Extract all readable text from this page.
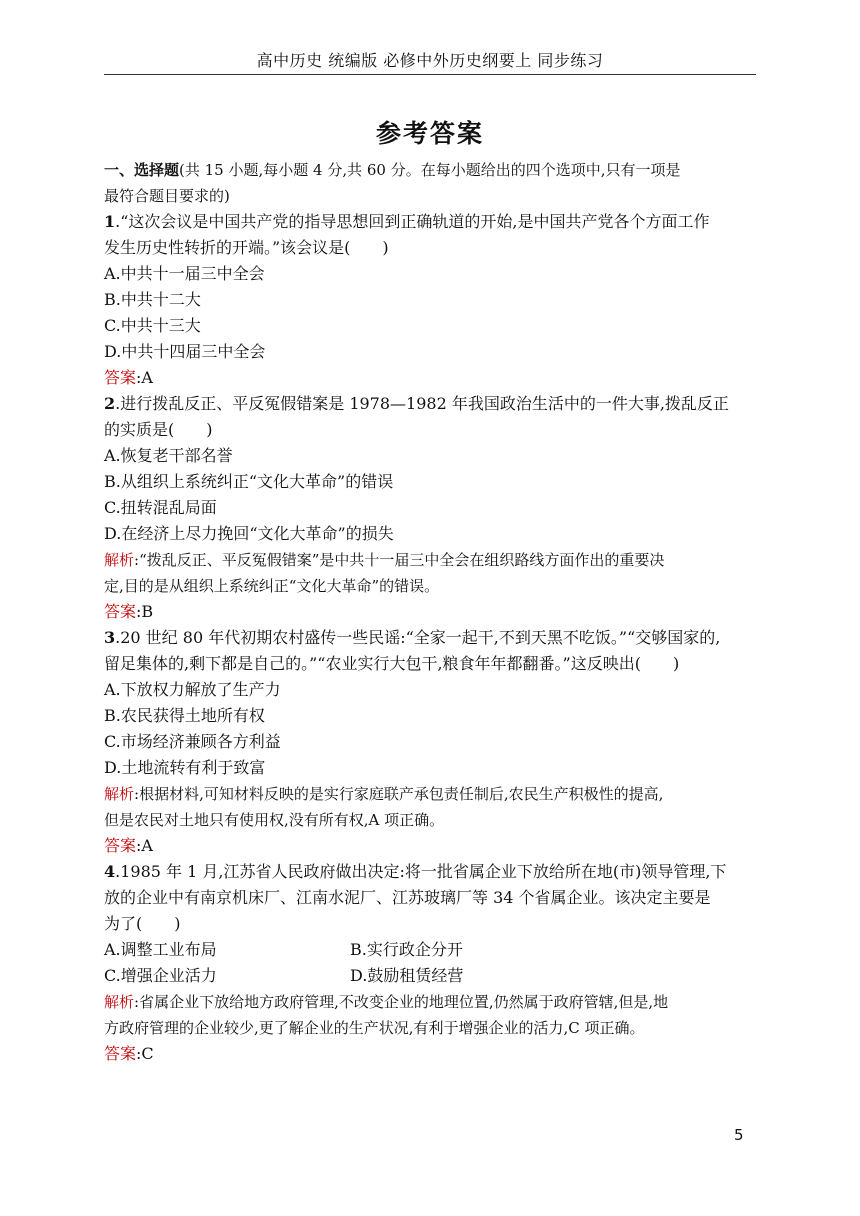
高中历史 统编版 必修中外历史纲要上 同步练习
参考答案
一、选择题(共 15 小题,每小题 4 分,共 60 分。在每小题给出的四个选项中,只有一项是
最符合题目要求的)
1.“这次会议是中国共产党的指导思想回到正确轨道的开始,是中国共产党各个方面工作
发生历史性转折的开端。”该会议是(　　)
A.中共十一届三中全会
B.中共十二大
C.中共十三大
D.中共十四届三中全会
答案:A
2.进行拨乱反正、平反冤假错案是 1978—1982 年我国政治生活中的一件大事,拨乱反正
的实质是(　　)
A.恢复老干部名誉
B.从组织上系统纠正“文化大革命”的错误
C.扭转混乱局面
D.在经济上尽力挽回“文化大革命”的损失
解析:“拨乱反正、平反冤假错案”是中共十一届三中全会在组织路线方面作出的重要决
定,目的是从组织上系统纠正“文化大革命”的错误。
答案:B
3.20 世纪 80 年代初期农村盛传一些民谣:“全家一起干,不到天黑不吃饭。”“交够国家的,
留足集体的,剩下都是自己的。”“农业实行大包干,粮食年年都翻番。”这反映出(　　)
A.下放权力解放了生产力
B.农民获得土地所有权
C.市场经济兼顾各方利益
D.土地流转有利于致富
解析:根据材料,可知材料反映的是实行家庭联产承包责任制后,农民生产积极性的提高,
但是农民对土地只有使用权,没有所有权,A 项正确。
答案:A
4.1985 年 1 月,江苏省人民政府做出决定:将一批省属企业下放给所在地(市)领导管理,下
放的企业中有南京机床厂、江南水泥厂、江苏玻璃厂等 34 个省属企业。该决定主要是
为了(　　)
A.调整工业布局	B.实行政企分开
C.增强企业活力	D.鼓励租赁经营
解析:省属企业下放给地方政府管理,不改变企业的地理位置,仍然属于政府管辖,但是,地
方政府管理的企业较少,更了解企业的生产状况,有利于增强企业的活力,C 项正确。
答案:C
5
